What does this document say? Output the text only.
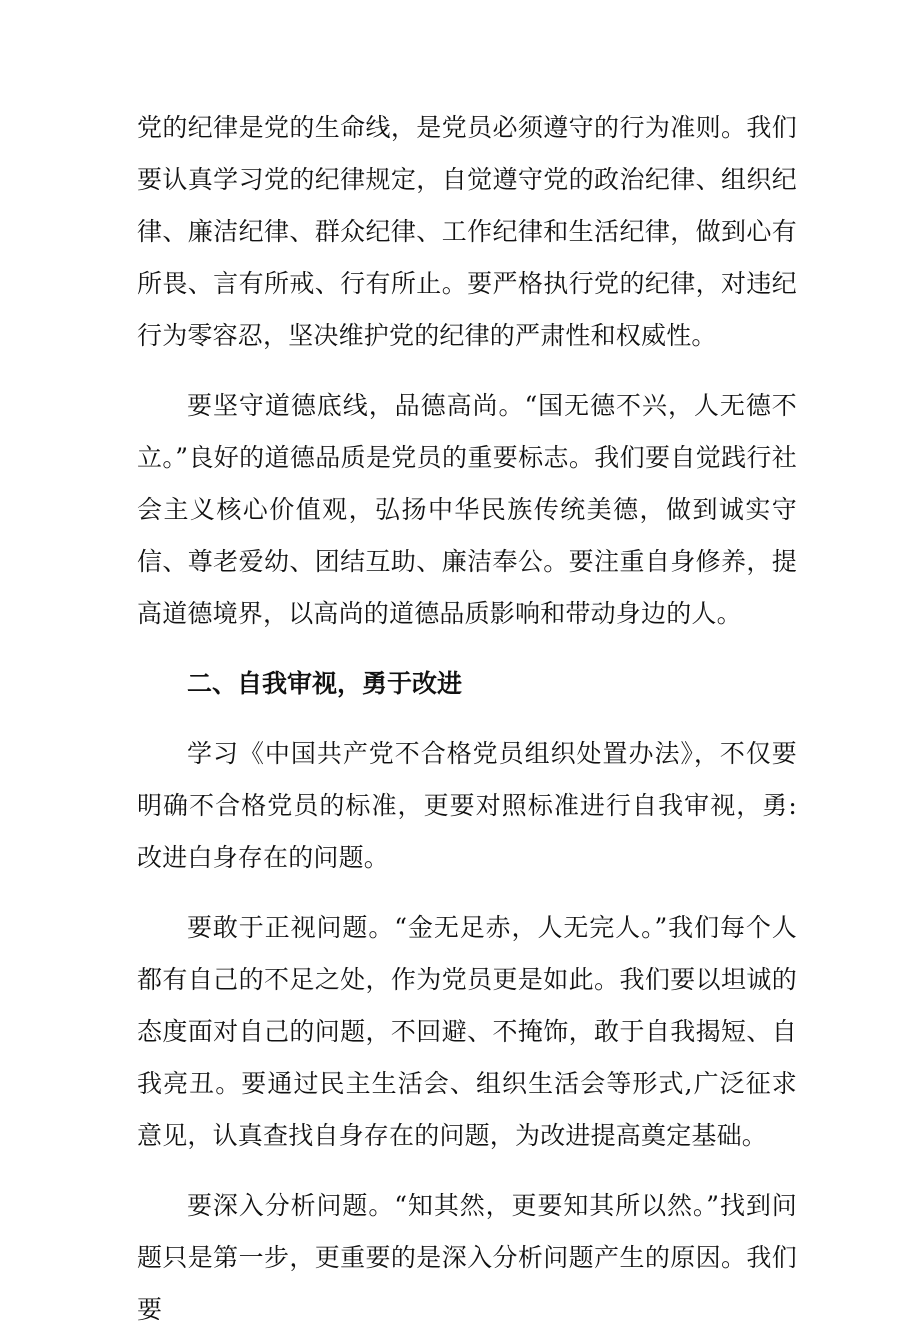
党的纪律是党的生命线，是党员必须遵守的行为准则。我们要认真学习党的纪律规定，自觉遵守党的政治纪律、组织纪律、廉洁纪律、群众纪律、工作纪律和生活纪律，做到心有所畏、言有所戒、行有所止。要严格执行党的纪律，对违纪行为零容忍，坚决维护党的纪律的严肃性和权威性。

要坚守道德底线，品德高尚。“国无德不兴，人无德不立。”良好的道德品质是党员的重要标志。我们要自觉践行社会主义核心价值观，弘扬中华民族传统美德，做到诚实守信、尊老爱幼、团结互助、廉洁奉公。要注重自身修养，提高道德境界，以高尚的道德品质影响和带动身边的人。

二、自我审视，勇于改进

学习《中国共产党不合格党员组织处置办法》，不仅要明确不合格党员的标准，更要对照标准进行自我审视，勇:改进白身存在的问题。

要敢于正视问题。“金无足赤，人无完人。”我们每个人都有自己的不足之处，作为党员更是如此。我们要以坦诚的态度面对自己的问题，不回避、不掩饰，敢于自我揭短、自我亮丑。要通过民主生活会、组织生活会等形式,广泛征求意见，认真查找自身存在的问题，为改进提高奠定基础。

要深入分析问题。“知其然，更要知其所以然。”找到问题只是第一步，更重要的是深入分析问题产生的原因。我们要
